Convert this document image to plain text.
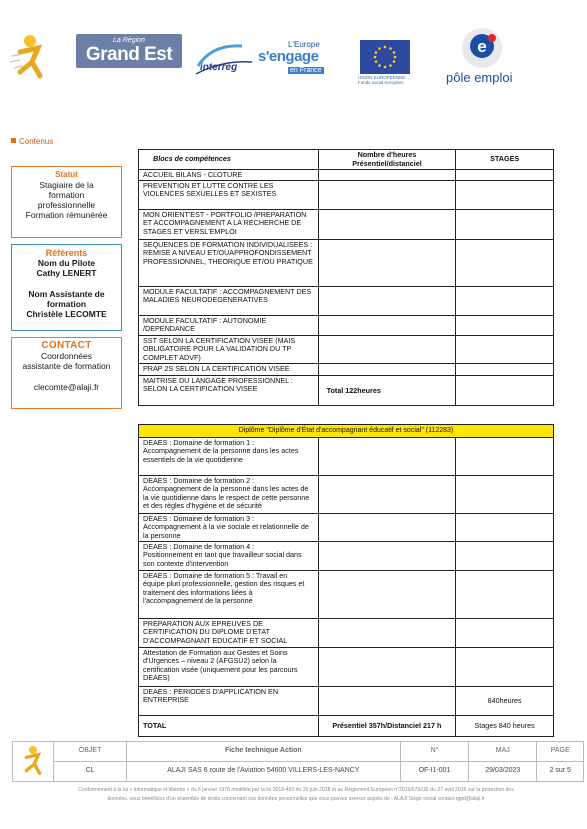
La Région
Grand Est
interreg
L'Europe
s'engage
en France
UNION EUROPEENNE Fonds social européen
e
pôle emploi
Contenus
Statut
Stagiaire de la
formation
professionnelle
Formation rémunérée
Référents
Nom du Pilote
Cathy LENERT
Nom Assistante de
formation
Christèle LECOMTE
CONTACT
Coordonnées
assistante de formation
clecomte@alaji.fr
Blocs de compétences	Nombre d'heures Présentiel/distanciel	STAGES
ACCUEIL BILANS - CLOTURE		
PREVENTION ET LUTTE CONTRE LES VIOLENCES SEXUELLES ET SEXISTES		
MON ORIENT'EST - PORTFOLIO /PREPARATION ET ACCOMPAGNEMENT A LA RECHERCHE DE STAGES ET VERSL'EMPLOI		
SEQUENCES DE FORMATION INDIVIDUALISEES : REMISE A NIVEAU ET/OUAPPROFONDISSEMENT PROFESSIONNEL, THEORIQUE ET/OU PRATIQUE		
MODULE FACULTATIF : ACCOMPAGNEMENT DES MALADIES NEURODEGENERATIVES		
MODULE FACULTATIF : AUTONOMIE /DEPENDANCE		
SST SELON LA CERTIFICATION VISEE (MAIS OBLIGATOIRE POUR LA VALIDATION DU TP COMPLET ADVF)		
PRAP 2S SELON LA CERTIFICATION VISEE		
MAITRISE DU LANGAGE PROFESSIONNEL : SELON LA CERTIFICATION VISEE	Total 122heures	
Diplôme "Diplôme d'État d'accompagnant éducatif et social" (112283)		

DEAES : Domaine de formation 1 :
Accompagnement de la personne dans les actes essentiels de la vie quotidienne		

DEAES : Domaine de formation 2 :
Accompagnement de la personne dans les actes de la vie quotidienne dans le respect de cette personne et des règles d'hygiène et de sécurité		

DEAES : Domaine de formation 3 :
Accompagnement à la vie sociale et relationnelle de la personne		

DEAES : Domaine de formation 4 :
Positionnement en tant que travailleur social dans son contexte d'intervention		

DEAES : Domaine de formation 5 : Travail en
équipe pluri professionnelle, gestion des risques et traitement des informations liées à l'accompagnement de la personne		

PREPARATION AUX EPREUVES DE CERTIFICATION DU DIPLOME D'ETAT D'ACCOMPAGNANT EDUCATIF ET SOCIAL		
Attestation de Formation aux Gestes et Soins d'Urgences – niveau 2 (AFGSU2) selon la certification visée (uniquement pour les parcours DEAES)		
DEAES : PERIODES D'APPLICATION EN ENTREPRISE		840heures
TOTAL	Présentiel 357h/Distanciel 217 h	Stages 840 heures
	OBJET	Fiche technique Action	N°	MAJ	PAGE
	CL	ALAJI SAS 6 route de l'Aviation 54600 VILLERS-LES-NANCY	OF-I1-001	29/03/2023	2 sur 5
Conformément à la loi « informatique et libertés » du 6 janvier 1978 modifiée par la loi 2018-493 du 20 juin 2018 et au Règlement Européen n°2016/679/UE du 27 avril 2016 sur la protection des
données, vous bénéficiez d'un ensemble de droits concernant vos données personnelles que vous pouvez exercer auprès de : ALAJI Siège social contact-rgpd@alaji.fr
